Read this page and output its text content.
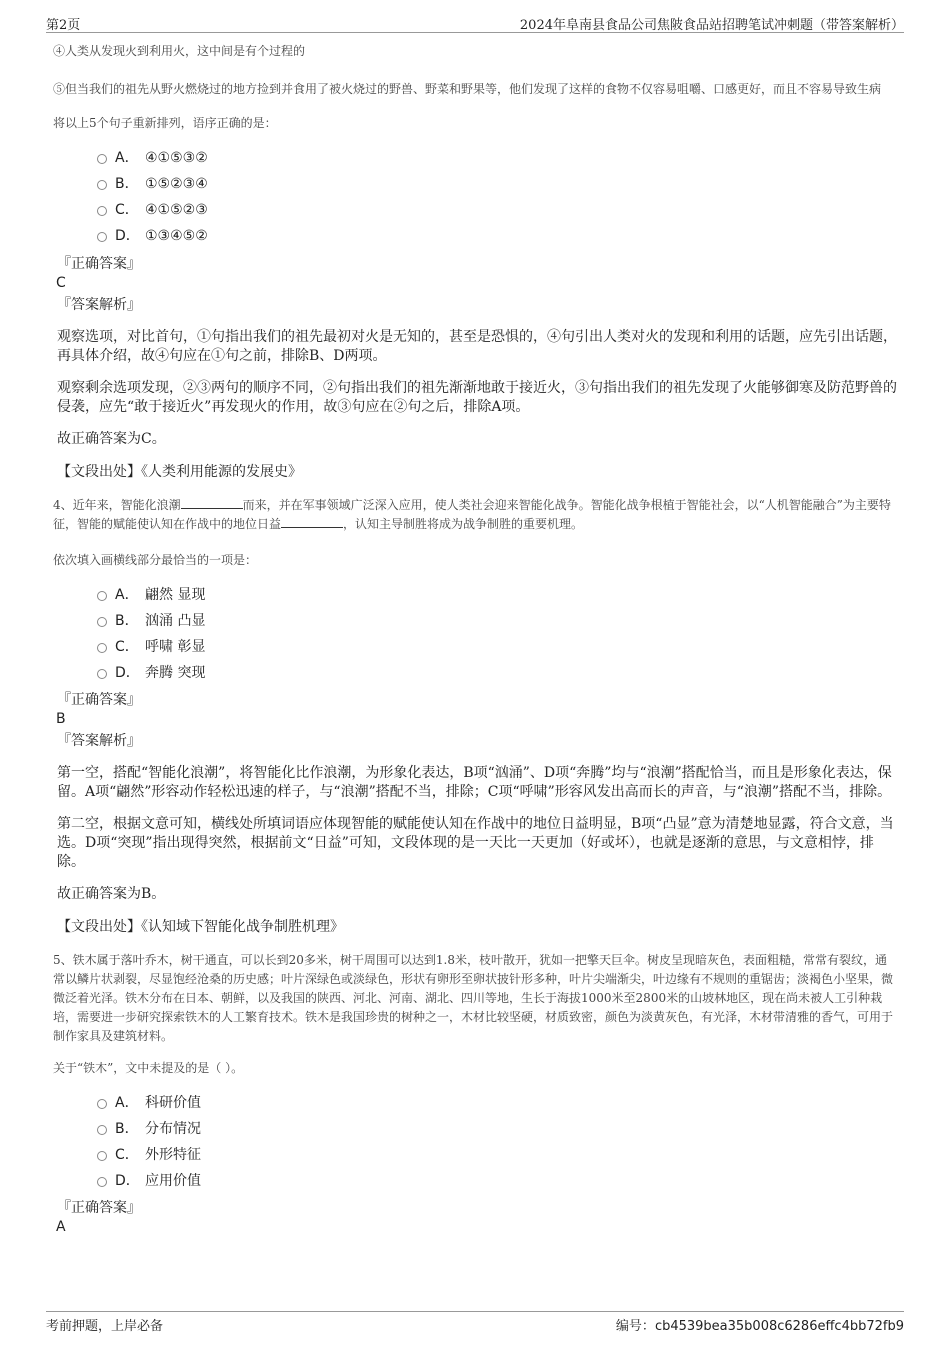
第2页	2024年阜南县食品公司焦陂食品站招聘笔试冲刺题（带答案解析）

④人类从发现火到利用火，这中间是有个过程的

⑤但当我们的祖先从野火燃烧过的地方捡到并食用了被火烧过的野兽、野菜和野果等，他们发现了这样的食物不仅容易咀嚼、口感更好，而且不容易导致生病

将以上5个句子重新排列，语序正确的是：

A． ④①⑤③②
B． ①⑤②③④
C． ④①⑤②③
D． ①③④⑤②

『正确答案』

C

『答案解析』

观察选项，对比首句，①句指出我们的祖先最初对火是无知的，甚至是恐惧的，④句引出人类对火的发现和利用的话题，应先引出话题，再具体介绍，故④句应在①句之前，排除B、D两项。

观察剩余选项发现，②③两句的顺序不同，②句指出我们的祖先渐渐地敢于接近火，③句指出我们的祖先发现了火能够御寒及防范野兽的侵袭，应先“敢于接近火”再发现火的作用，故③句应在②句之后，排除A项。

故正确答案为C。

【文段出处】《人类利用能源的发展史》

4、近年来，智能化浪潮	而来，并在军事领域广泛深入应用，使人类社会迎来智能化战争。智能化战争根植于智能社会，以“人机智能融合”为主要特征，智能的赋能使认知在作战中的地位日益	，认知主导制胜将成为战争制胜的重要机理。

依次填入画横线部分最恰当的一项是：

A． 翩然 显现
B． 汹涌 凸显
C． 呼啸 彰显
D． 奔腾 突现

『正确答案』

B

『答案解析』

第一空，搭配“智能化浪潮”，将智能化比作浪潮，为形象化表达，B项“汹涌”、D项“奔腾”均与“浪潮”搭配恰当，而且是形象化表达，保留。A项“翩然”形容动作轻松迅速的样子，与“浪潮”搭配不当，排除；C项“呼啸”形容风发出高而长的声音，与“浪潮”搭配不当，排除。

第二空，根据文意可知，横线处所填词语应体现智能的赋能使认知在作战中的地位日益明显，B项“凸显”意为清楚地显露，符合文意，当选。D项“突现”指出现得突然，根据前文“日益”可知，文段体现的是一天比一天更加（好或坏），也就是逐渐的意思，与文意相悖，排除。

故正确答案为B。

【文段出处】《认知域下智能化战争制胜机理》

5、铁木属于落叶乔木，树干通直，可以长到20多米，树干周围可以达到1.8米，枝叶散开，犹如一把擎天巨伞。树皮呈现暗灰色，表面粗糙，常常有裂纹，通常以鳞片状剥裂，尽显饱经沧桑的历史感；叶片深绿色或淡绿色，形状有卵形至卵状披针形多种，叶片尖端渐尖，叶边缘有不规则的重锯齿；淡褐色小坚果，微微泛着光泽。铁木分布在日本、朝鲜，以及我国的陕西、河北、河南、湖北、四川等地，生长于海拔1000米至2800米的山坡林地区，现在尚未被人工引种栽培，需要进一步研究探索铁木的人工繁育技术。铁木是我国珍贵的树种之一，木材比较坚硬，材质致密，颜色为淡黄灰色，有光泽，木材带清雅的香气，可用于制作家具及建筑材料。

关于“铁木”，文中未提及的是（ ）。

A． 科研价值
B． 分布情况
C． 外形特征
D． 应用价值

『正确答案』

A

考前押题，上岸必备	编号：cb4539bea35b008c6286effc4bb72fb9
